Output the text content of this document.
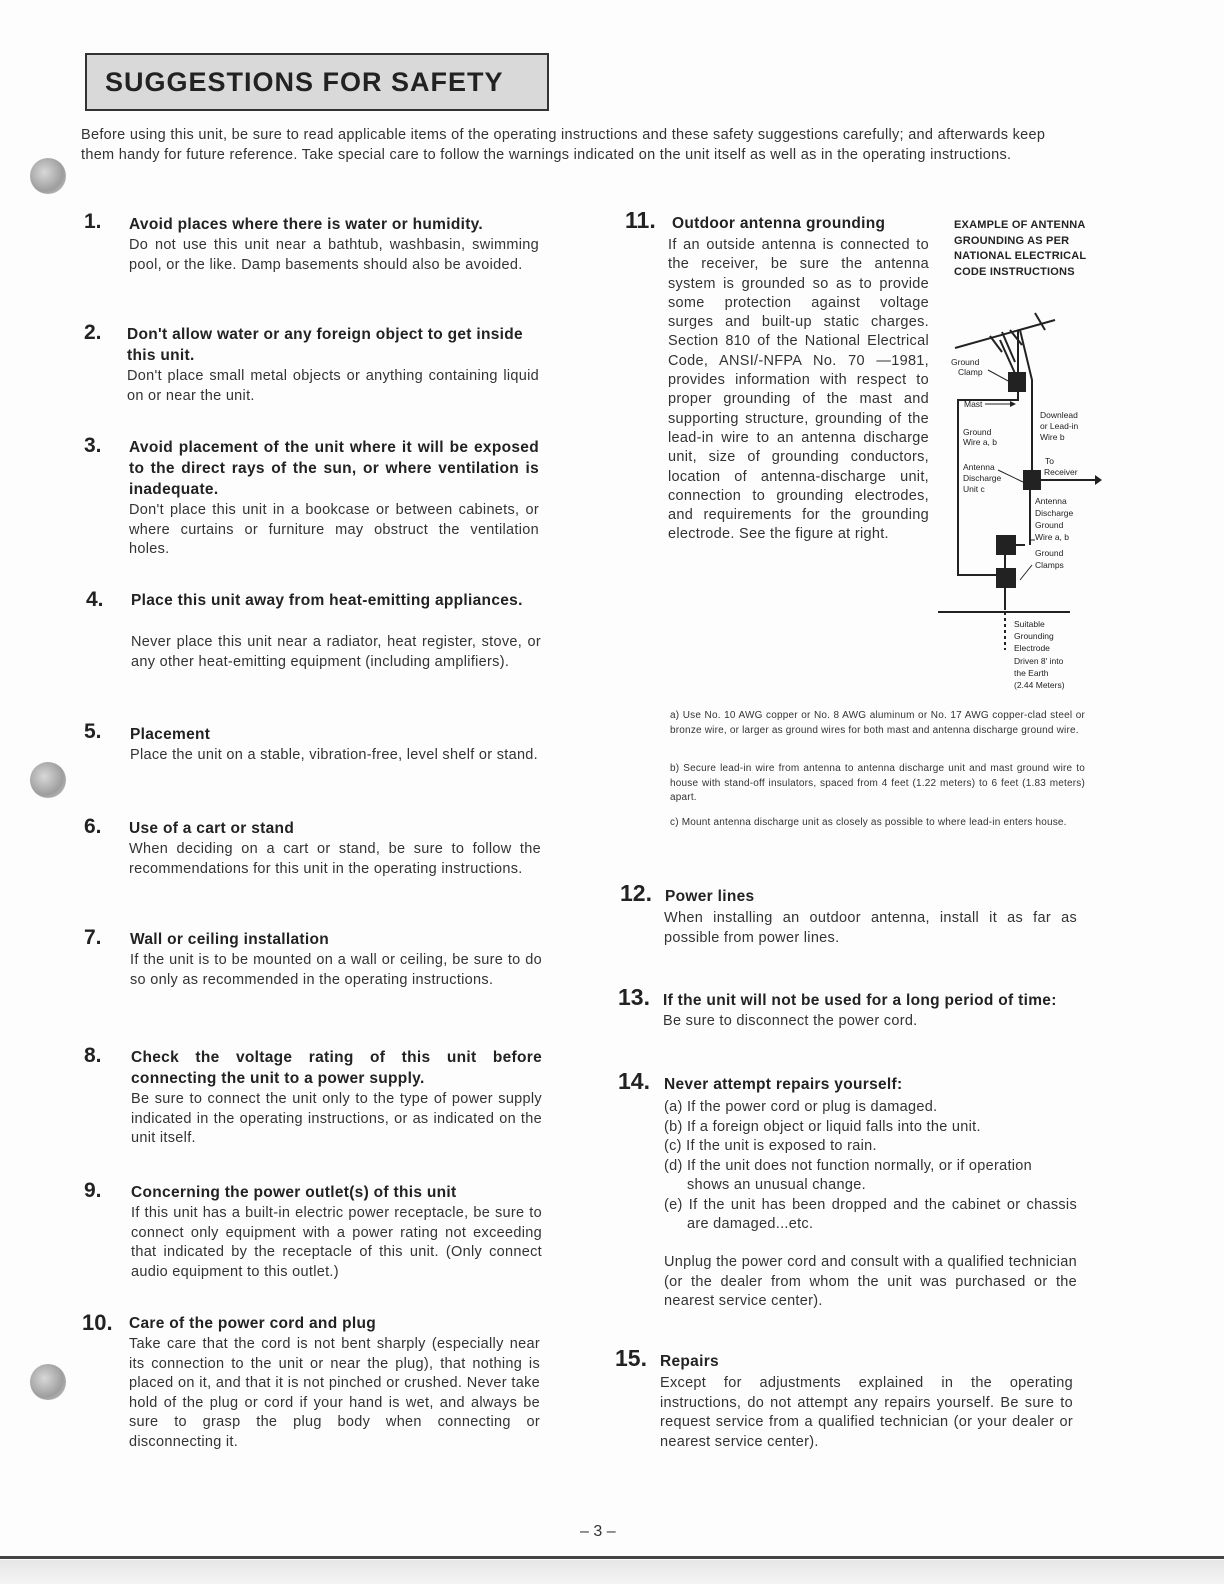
SUGGESTIONS FOR SAFETY
Before using this unit, be sure to read applicable items of the operating instructions and these safety suggestions carefully; and afterwards keep them handy for future reference. Take special care to follow the warnings indicated on the unit itself as well as in the operating instructions.
1. Avoid places where there is water or humidity.
Do not use this unit near a bathtub, washbasin, swimming pool, or the like. Damp basements should also be avoided.
2. Don't allow water or any foreign object to get inside this unit.
Don't place small metal objects or anything containing liquid on or near the unit.
3. Avoid placement of the unit where it will be exposed to the direct rays of the sun, or where ventilation is inadequate.
Don't place this unit in a bookcase or between cabinets, or where curtains or furniture may obstruct the ventilation holes.
4. Place this unit away from heat-emitting appliances.
Never place this unit near a radiator, heat register, stove, or any other heat-emitting equipment (including amplifiers).
5. Placement
Place the unit on a stable, vibration-free, level shelf or stand.
6. Use of a cart or stand
When deciding on a cart or stand, be sure to follow the recommendations for this unit in the operating instructions.
7. Wall or ceiling installation
If the unit is to be mounted on a wall or ceiling, be sure to do so only as recommended in the operating instructions.
8. Check the voltage rating of this unit before connecting the unit to a power supply.
Be sure to connect the unit only to the type of power supply indicated in the operating instructions, or as indicated on the unit itself.
9. Concerning the power outlet(s) of this unit
If this unit has a built-in electric power receptacle, be sure to connect only equipment with a power rating not exceeding that indicated by the receptacle of this unit. (Only connect audio equipment to this outlet.)
10. Care of the power cord and plug
Take care that the cord is not bent sharply (especially near its connection to the unit or near the plug), that nothing is placed on it, and that it is not pinched or crushed. Never take hold of the plug or cord if your hand is wet, and always be sure to grasp the plug body when connecting or disconnecting it.
11. Outdoor antenna grounding
If an outside antenna is connected to the receiver, be sure the antenna system is grounded so as to provide some protection against voltage surges and built-up static charges. Section 810 of the National Electrical Code, ANSI/-NFPA No. 70 —1981, provides information with respect to proper grounding of the mast and supporting structure, grounding of the lead-in wire to an antenna discharge unit, size of grounding conductors, location of antenna-discharge unit, connection to grounding electrodes, and requirements for the grounding electrode. See the figure at right.
EXAMPLE OF ANTENNA GROUNDING AS PER NATIONAL ELECTRICAL CODE INSTRUCTIONS
Ground
Clamp
Mast
Ground
Wire a, b
Antenna
Discharge
Unit c
Downlead
or Lead-in
Wire b
To
Receiver
Antenna
Discharge
Ground
Wire a, b
Ground
Clamps
Suitable
Grounding
Electrode
Driven 8' into
the Earth
(2.44 Meters)
a) Use No. 10 AWG copper or No. 8 AWG aluminum or No. 17 AWG copper-clad steel or bronze wire, or larger as ground wires for both mast and antenna discharge ground wire.
b) Secure lead-in wire from antenna to antenna discharge unit and mast ground wire to house with stand-off insulators, spaced from 4 feet (1.22 meters) to 6 feet (1.83 meters) apart.
c) Mount antenna discharge unit as closely as possible to where lead-in enters house.
12. Power lines
When installing an outdoor antenna, install it as far as possible from power lines.
13. If the unit will not be used for a long period of time:
Be sure to disconnect the power cord.
14. Never attempt repairs yourself:

(a) If the power cord or plug is damaged.

(b) If a foreign object or liquid falls into the unit.

(c) If the unit is exposed to rain.

(d) If the unit does not function normally, or if operation shows an unusual change.

(e) If the unit has been dropped and the cabinet or chassis are damaged...etc.

Unplug the power cord and consult with a qualified technician (or the dealer from whom the unit was purchased or the nearest service center).
15. Repairs
Except for adjustments explained in the operating instructions, do not attempt any repairs yourself. Be sure to request service from a qualified technician (or your dealer or nearest service center).
– 3 –
